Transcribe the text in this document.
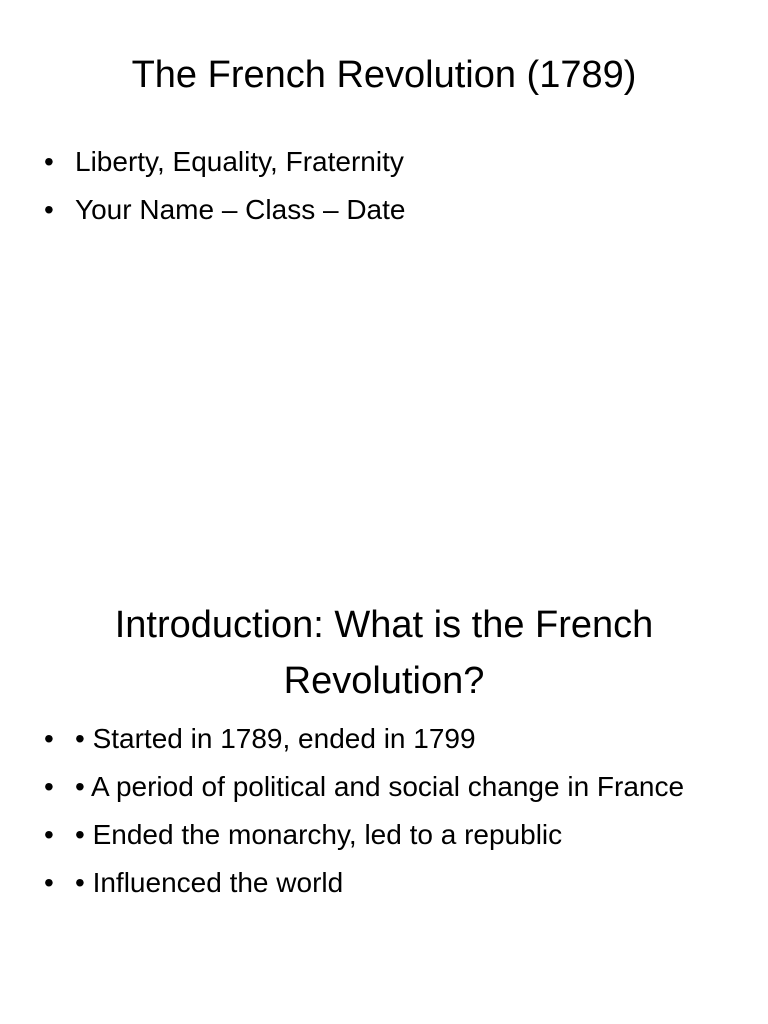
The French Revolution (1789)
• Liberty, Equality, Fraternity
• Your Name – Class – Date
Introduction: What is the French Revolution?
• • Started in 1789, ended in 1799
• • A period of political and social change in France
• • Ended the monarchy, led to a republic
• • Influenced the world
